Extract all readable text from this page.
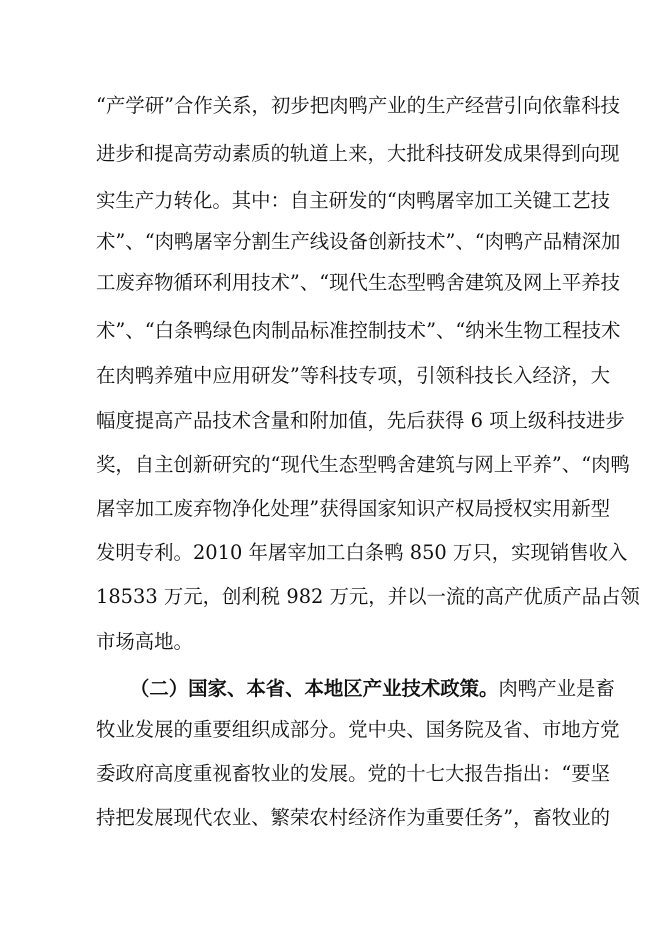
“产学研”合作关系，初步把肉鸭产业的生产经营引向依靠科技
进步和提高劳动素质的轨道上来，大批科技研发成果得到向现
实生产力转化。其中：自主研发的“肉鸭屠宰加工关键工艺技
术”、“肉鸭屠宰分割生产线设备创新技术”、“肉鸭产品精深加
工废弃物循环利用技术”、“现代生态型鸭舍建筑及网上平养技
术”、“白条鸭绿色肉制品标准控制技术”、“纳米生物工程技术
在肉鸭养殖中应用研发”等科技专项，引领科技长入经济，大
幅度提高产品技术含量和附加值，先后获得 6 项上级科技进步
奖，自主创新研究的“现代生态型鸭舍建筑与网上平养”、“肉鸭
屠宰加工废弃物净化处理”获得国家知识产权局授权实用新型
发明专利。2010 年屠宰加工白条鸭 850 万只，实现销售收入
18533 万元，创利税 982 万元，并以一流的高产优质产品占领
市场高地。
（二）国家、本省、本地区产业技术政策。肉鸭产业是畜
牧业发展的重要组织成部分。党中央、国务院及省、市地方党
委政府高度重视畜牧业的发展。党的十七大报告指出：“要坚
持把发展现代农业、繁荣农村经济作为重要任务”，畜牧业的
